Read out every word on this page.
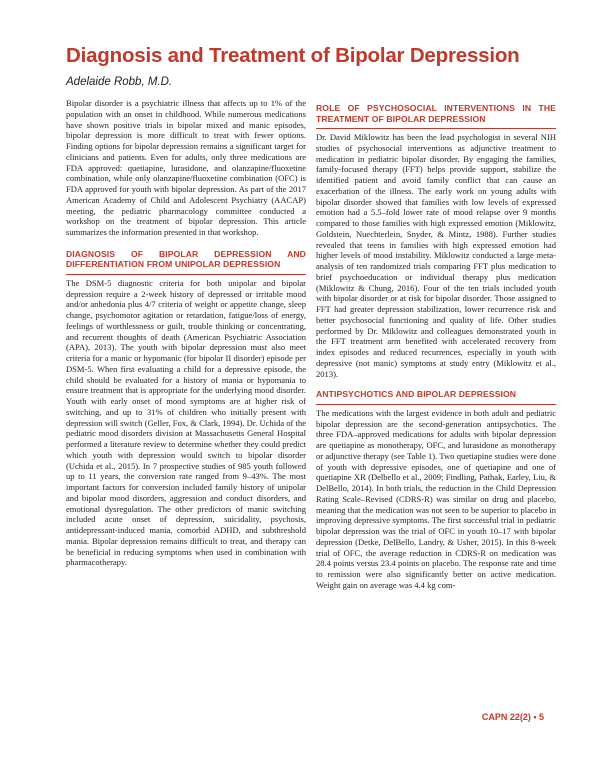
Diagnosis and Treatment of Bipolar Depression

Adelaide Robb, M.D.

Bipolar disorder is a psychiatric illness that affects up to 1% of the population with an onset in childhood. While numerous medications have shown positive trials in bipolar mixed and manic episodes, bipolar depression is more difficult to treat with fewer options. Finding options for bipolar depression remains a significant target for clinicians and patients. Even for adults, only three medications are FDA approved: quetiapine, lurasidone, and olanzapine/fluoxetine combination, while only olanzapine/fluoxetine combination (OFC) is FDA approved for youth with bipolar depression. As part of the 2017 American Academy of Child and Adolescent Psychiatry (AACAP) meeting, the pediatric pharmacology committee conducted a workshop on the treatment of bipolar depression. This article summarizes the information presented in that workshop.

DIAGNOSIS OF BIPOLAR DEPRESSION AND DIFFERENTIATION FROM UNIPOLAR DEPRESSION

The DSM-5 diagnostic criteria for both unipolar and bipolar depression require a 2-week history of depressed or irritable mood and/or anhedonia plus 4/7 criteria of weight or appetite change, sleep change, psychomotor agitation or retardation, fatigue/loss of energy, feelings of worthlessness or guilt, trouble thinking or concentrating, and recurrent thoughts of death (American Psychiatric Association (APA), 2013). The youth with bipolar depression must also meet criteria for a manic or hypomanic (for bipolar II disorder) episode per DSM-5. When first evaluating a child for a depressive episode, the child should be evaluated for a history of mania or hypomania to ensure treatment that is appropriate for the underlying mood disorder. Youth with early onset of mood symptoms are at higher risk of switching, and up to 31% of children who initially present with depression will switch (Geller, Fox, & Clark, 1994). Dr. Uchida of the pediatric mood disorders division at Massachusetts General Hospital performed a literature review to determine whether they could predict which youth with depression would switch to bipolar disorder (Uchida et al., 2015). In 7 prospective studies of 985 youth followed up to 11 years, the conversion rate ranged from 9–43%. The most important factors for conversion included family history of unipolar and bipolar mood disorders, aggression and conduct disorders, and emotional dysregulation. The other predictors of manic switching included acute onset of depression, suicidality, psychosis, antidepressant-induced mania, comorbid ADHD, and subthreshold mania. Bipolar depression remains difficult to treat, and therapy can be beneficial in reducing symptoms when used in combination with pharmacotherapy.

ROLE OF PSYCHOSOCIAL INTERVENTIONS IN THE TREATMENT OF BIPOLAR DEPRESSION

Dr. David Miklowitz has been the lead psychologist in several NIH studies of psychosocial interventions as adjunctive treatment to medication in pediatric bipolar disorder. By engaging the families, family-focused therapy (FFT) helps provide support, stabilize the identified patient and avoid family conflict that can cause an exacerbation of the illness. The early work on young adults with bipolar disorder showed that families with low levels of expressed emotion had a 5.5–fold lower rate of mood relapse over 9 months compared to those families with high expressed emotion (Miklowitz, Goldstein, Nuechterlein, Snyder, & Mintz, 1988). Further studies revealed that teens in families with high expressed emotion had higher levels of mood instability. Miklowitz conducted a large meta-analysis of ten randomized trials comparing FFT plus medication to brief psychoeducation or individual therapy plus medication (Miklowitz & Chung, 2016). Four of the ten trials included youth with bipolar disorder or at risk for bipolar disorder. Those assigned to FFT had greater depression stabilization, lower recurrence risk and better psychosocial functioning and quality of life. Other studies performed by Dr. Miklowitz and colleagues demonstrated youth in the FFT treatment arm benefited with accelerated recovery from index episodes and reduced recurrences, especially in youth with depressive (not manic) symptoms at study entry (Miklowitz et al., 2013).

ANTIPSYCHOTICS AND BIPOLAR DEPRESSION

The medications with the largest evidence in both adult and pediatric bipolar depression are the second-generation antipsychotics. The three FDA–approved medications for adults with bipolar depression are quetiapine as monotherapy, OFC, and lurasidone as monotherapy or adjunctive therapy (see Table 1). Two quetiapine studies were done of youth with depressive episodes, one of quetiapine and one of quetiapine XR (Delbello et al., 2009; Findling, Pathak, Earley, Liu, & DelBello, 2014). In both trials, the reduction in the Child Depression Rating Scale–Revised (CDRS-R) was similar on drug and placebo, meaning that the medication was not seen to be superior to placebo in improving depressive symptoms. The first successful trial in pediatric bipolar depression was the trial of OFC in youth 10–17 with bipolar depression (Detke, DelBello, Landry, & Usher, 2015). In this 8-week trial of OFC, the average reduction in CDRS-R on medication was 28.4 points versus 23.4 points on placebo. The response rate and time to remission were also significantly better on active medication. Weight gain on average was 4.4 kg com-

CAPN 22(2) • 5
